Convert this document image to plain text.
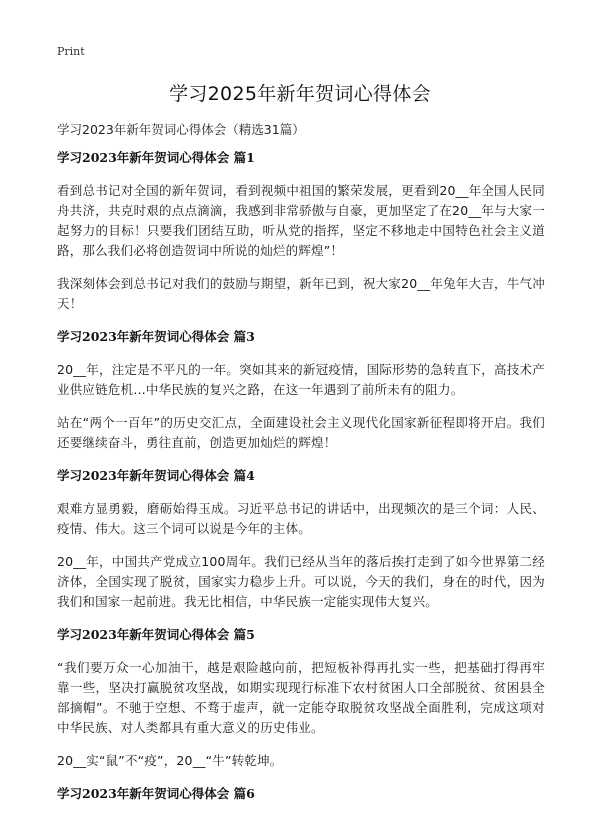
Print
学习2025年新年贺词心得体会
学习2023年新年贺词心得体会（精选31篇）
学习2023年新年贺词心得体会 篇1

看到总书记对全国的新年贺词，看到视频中祖国的繁荣发展，更看到20__年全国人民同舟共济，共克时艰的点点滴滴，我感到非常骄傲与自豪，更加坚定了在20__年与大家一起努力的目标！只要我们团结互助，听从党的指挥，坚定不移地走中国特色社会主义道路，那么我们必将创造贺词中所说的灿烂的辉煌”！

我深刻体会到总书记对我们的鼓励与期望，新年已到，祝大家20__年兔年大吉，牛气冲天！

学习2023年新年贺词心得体会 篇3

20__年，注定是不平凡的一年。突如其来的新冠疫情，国际形势的急转直下，高技术产业供应链危机…中华民族的复兴之路，在这一年遇到了前所未有的阻力。

站在“两个一百年”的历史交汇点，全面建设社会主义现代化国家新征程即将开启。我们还要继续奋斗，勇往直前，创造更加灿烂的辉煌！

学习2023年新年贺词心得体会 篇4

艰难方显勇毅，磨砺始得玉成。习近平总书记的讲话中，出现频次的是三个词：人民、疫情、伟大。这三个词可以说是今年的主体。

20__年，中国共产党成立100周年。我们已经从当年的落后挨打走到了如今世界第二经济体，全国实现了脱贫，国家实力稳步上升。可以说，今天的我们，身在的时代，因为我们和国家一起前进。我无比相信，中华民族一定能实现伟大复兴。

学习2023年新年贺词心得体会 篇5

“我们要万众一心加油干，越是艰险越向前，把短板补得再扎实一些，把基础打得再牢靠一些，坚决打赢脱贫攻坚战，如期实现现行标准下农村贫困人口全部脱贫、贫困县全部摘帽”。不驰于空想、不骛于虚声，就一定能夺取脱贫攻坚战全面胜利，完成这项对中华民族、对人类都具有重大意义的历史伟业。

20__实“鼠”不“疫”，20__“牛”转乾坤。

学习2023年新年贺词心得体会 篇6
